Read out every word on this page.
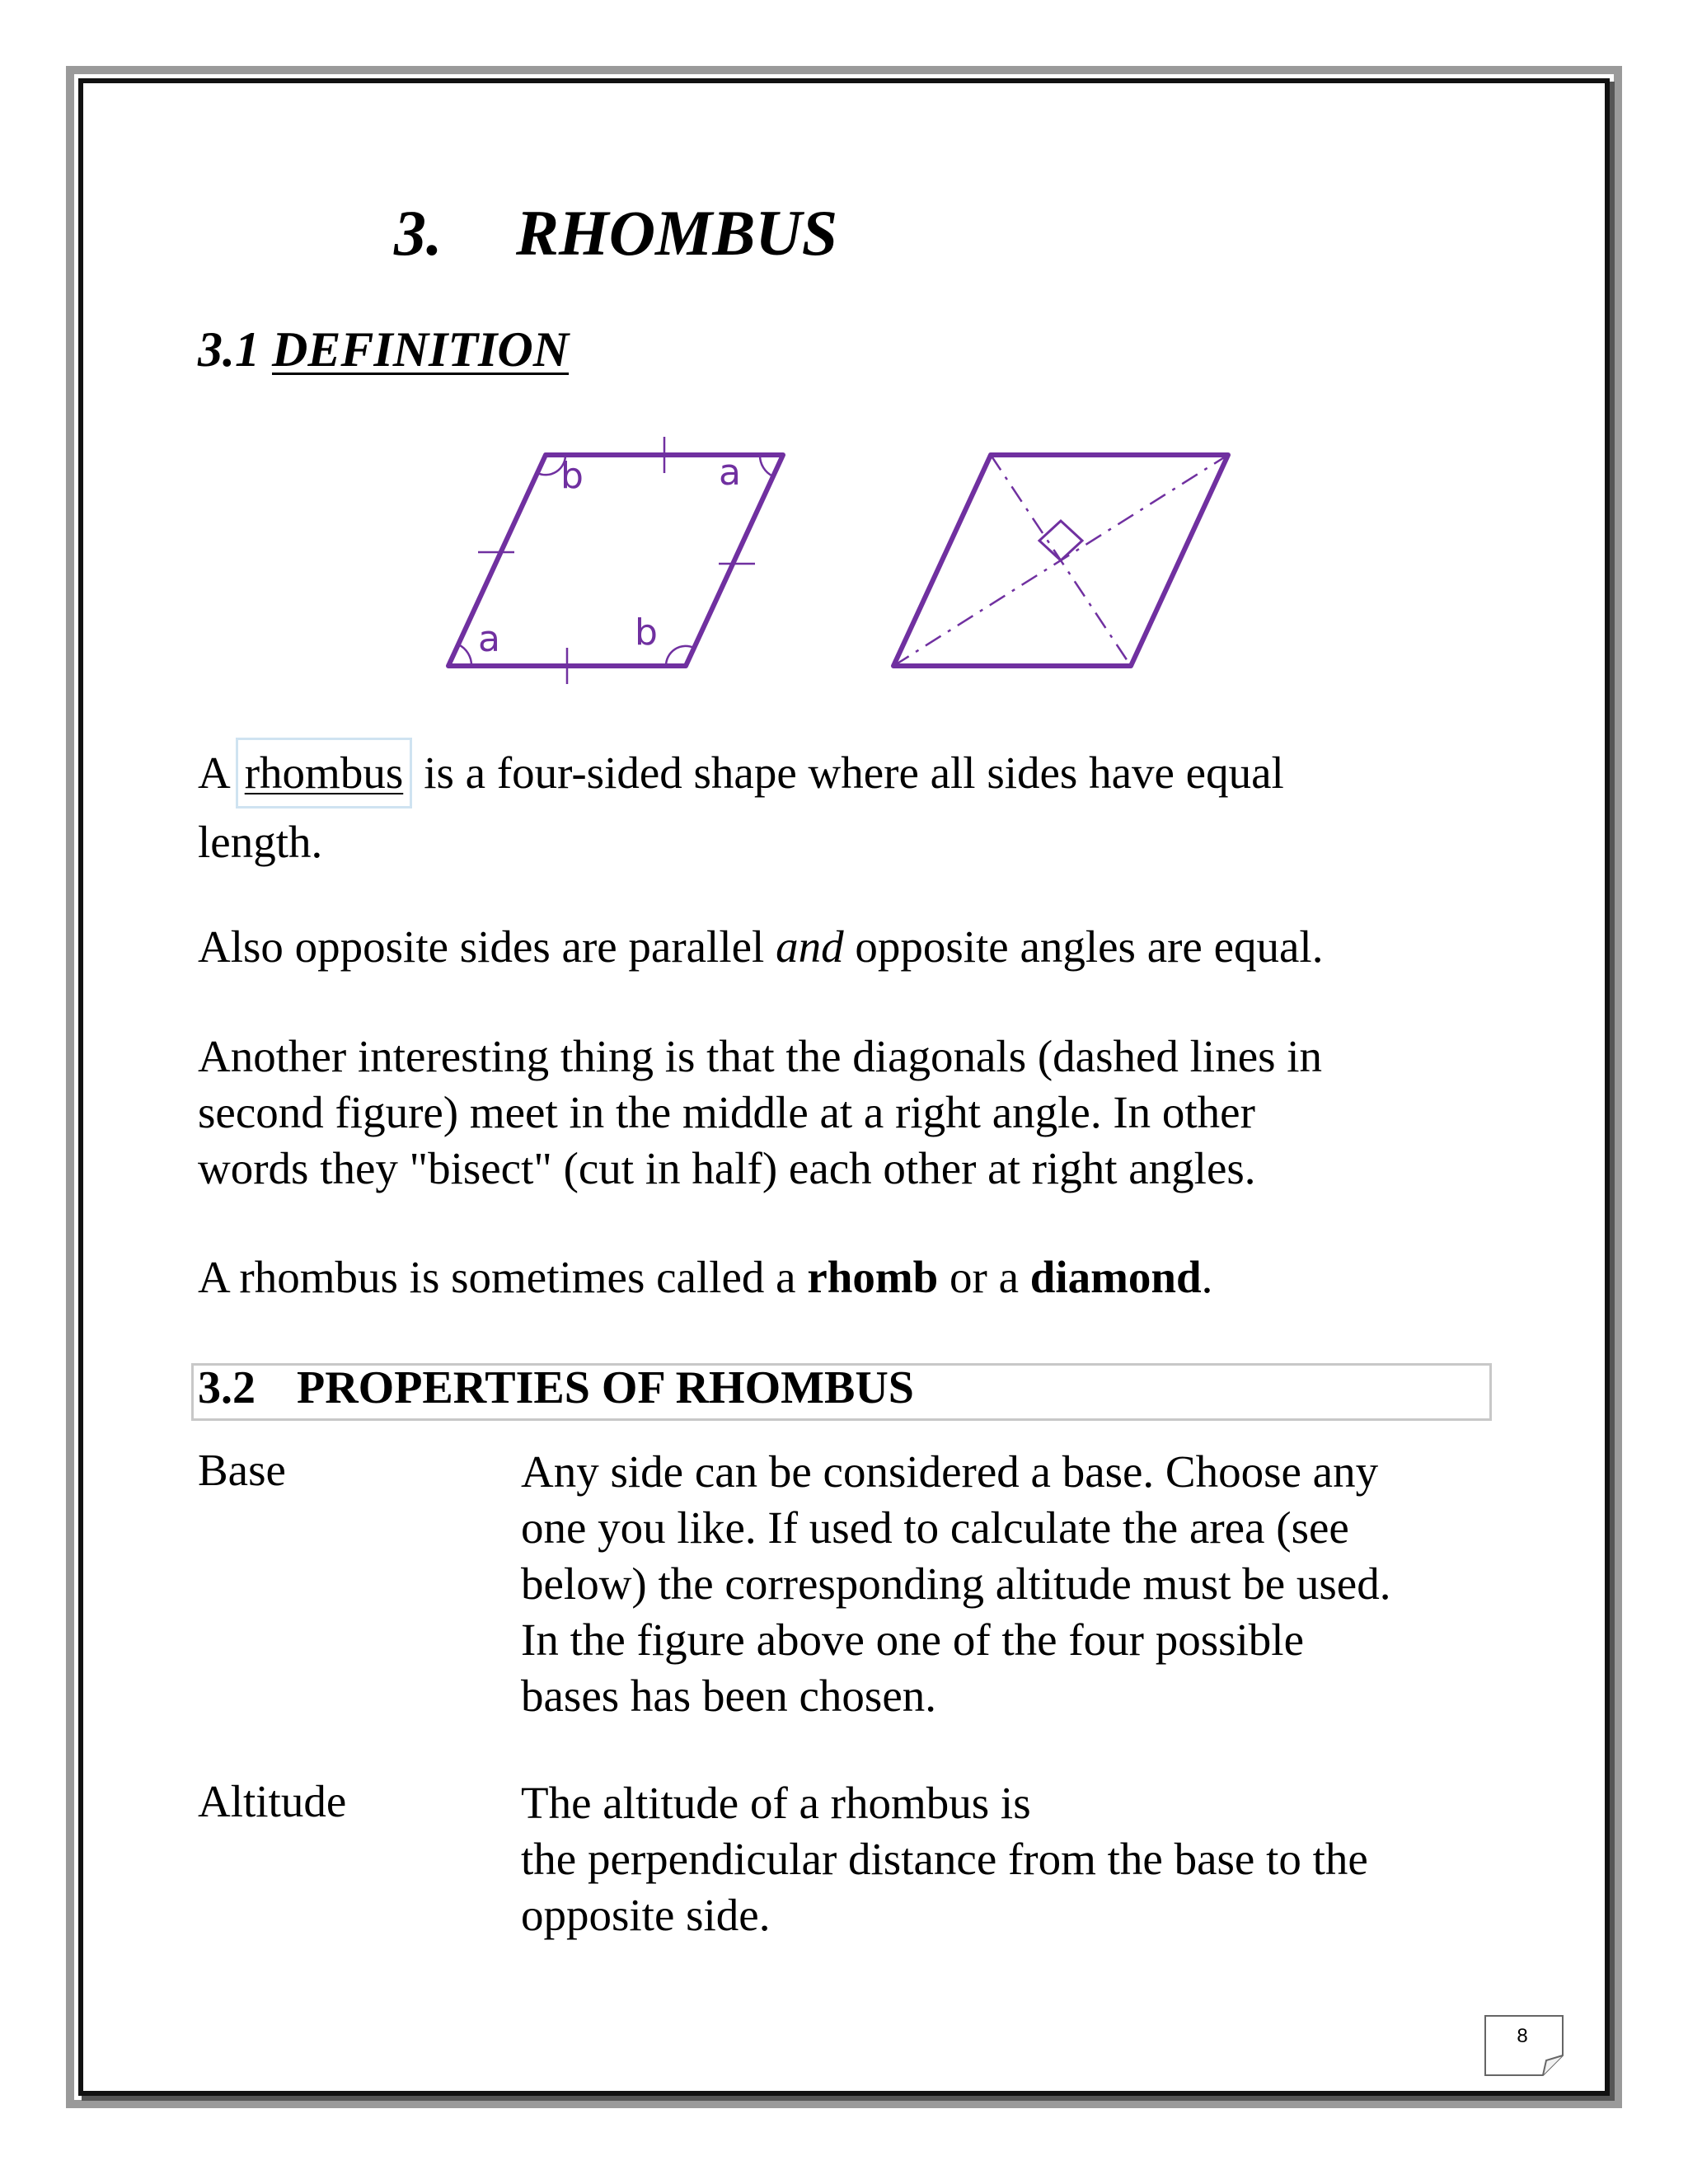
3. RHOMBUS
3.1 DEFINITION
b	a
a	b

A rhombus is a four-sided shape where all sides have equal

length.

Also opposite sides are parallel and opposite angles are equal.

Another interesting thing is that the diagonals (dashed lines in

second figure) meet in the middle at a right angle. In other

words they "bisect" (cut in half) each other at right angles.

A rhombus is sometimes called a rhomb or a diamond.

3.2 PROPERTIES OF RHOMBUS
Base	Any side can be considered a base. Choose any

one you like. If used to calculate the area (see

below) the corresponding altitude must be used.

In the figure above one of the four possible

bases has been chosen.

Altitude	The altitude of a rhombus is

the perpendicular distance from the base to the

opposite side.

8
